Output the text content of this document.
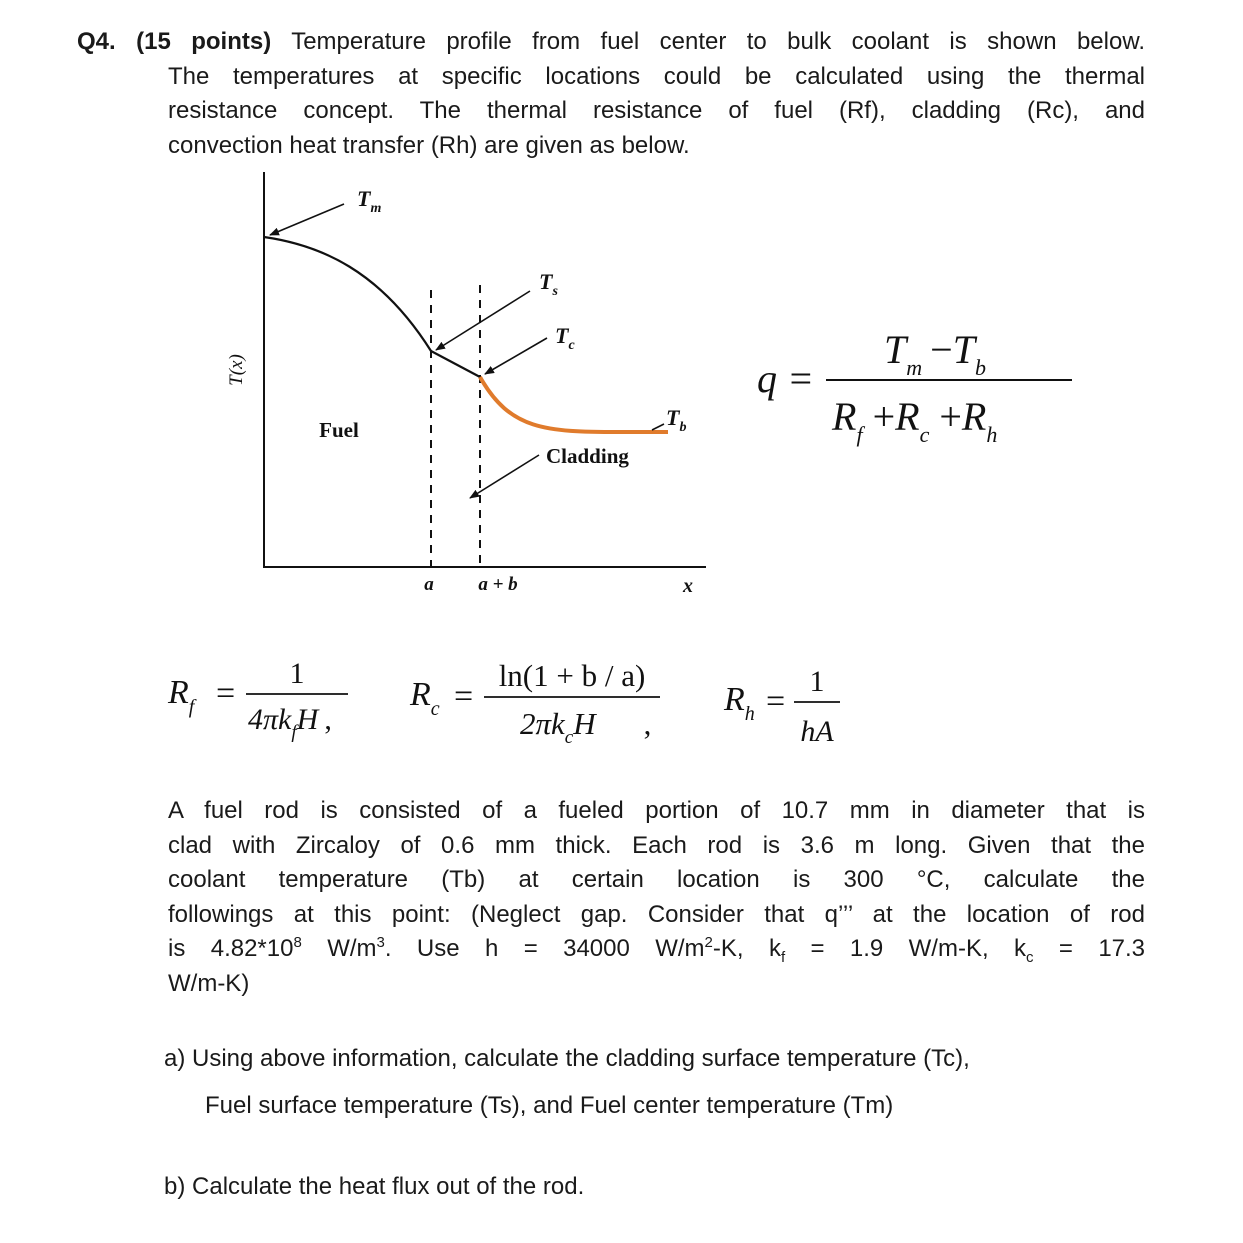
Q4. (15 points) Temperature profile from fuel center to bulk coolant is shown below.
The temperatures at specific locations could be calculated using the thermal
resistance concept. The thermal resistance of fuel (Rf), cladding (Rc), and
convection heat transfer (Rh) are given as below.
T(x)
x
a a + b
$T_m$
$T_s$
$T_c$
$T_b$
Fuel
Cladding
q =
$T_m -T_b$
$R_f +R_c +R_h$
$R_f$ =
1
$4\pi k_fH$ ,
$R_c$ =
ln(1 + b / a)
$2\pi k_cH$ ,
$R_h$ =
1
hA
A fuel rod is consisted of a fueled portion of 10.7 mm in diameter that is
clad with Zircaloy of 0.6 mm thick. Each rod is 3.6 m long. Given that the
coolant temperature (Tb) at certain location is 300 °C, calculate the
followings at this point: (Neglect gap. Consider that q’’’ at the location of rod
is $4.82*10^8$ $W/m^3$. Use h = 34000 $W/m^2-K$, $k_f = 1.9$ W/m-K, $k_c = 17.3$
W/m-K)
a) Using above information, calculate the cladding surface temperature (Tc),
Fuel surface temperature (Ts), and Fuel center temperature (Tm)
b) Calculate the heat flux out of the rod.
